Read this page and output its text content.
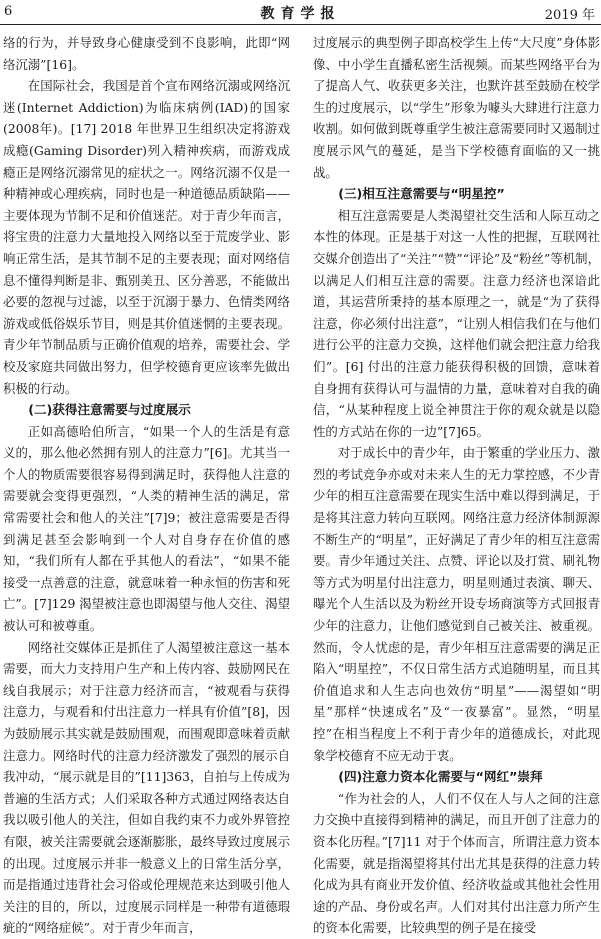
6	教育学报	2019 年

络的行为，并导致身心健康受到不良影响，此即“网络沉溺”[16]。

在国际社会，我国是首个宣布网络沉溺或网络沉迷(Internet Addiction)为临床病例(IAD)的国家(2008年)。[17] 2018 年世界卫生组织决定将游戏成瘾(Gaming Disorder)列入精神疾病，而游戏成瘾正是网络沉溺常见的症状之一。网络沉溺不仅是一种精神或心理疾病，同时也是一种道德品质缺陷——主要体现为节制不足和价值迷茫。对于青少年而言，将宝贵的注意力大量地投入网络以至于荒废学业、影响正常生活，是其节制不足的主要表现；面对网络信息不懂得判断是非、甄别美丑、区分善恶，不能做出必要的忽视与过滤，以至于沉溺于暴力、色情类网络游戏或低俗娱乐节目，则是其价值迷惘的主要表现。青少年节制品质与正确价值观的培养，需要社会、学校及家庭共同做出努力，但学校德育更应该率先做出积极的行动。

(二)获得注意需要与过度展示

正如高德哈伯所言，“如果一个人的生活是有意义的，那么他必然拥有别人的注意力”[6]。尤其当一个人的物质需要很容易得到满足时，获得他人注意的需要就会变得更强烈，“人类的精神生活的满足，常常需要社会和他人的关注”[7]9；被注意需要是否得到满足甚至会影响到一个人对自身存在价值的感知，“我们所有人都在乎其他人的看法”，“如果不能接受一点善意的注意，就意味着一种永恒的伤害和死亡”。[7]129 渴望被注意也即渴望与他人交往、渴望被认可和被尊重。

网络社交媒体正是抓住了人渴望被注意这一基本需要，而大力支持用户生产和上传内容、鼓励网民在线自我展示；对于注意力经济而言，“被观看与获得注意力，与观看和付出注意力一样具有价值”[8]，因为鼓励展示其实就是鼓励围观，而围观即意味着贡献注意力。网络时代的注意力经济激发了强烈的展示自我冲动，“展示就是目的”[11]363，自拍与上传成为普遍的生活方式；人们采取各种方式通过网络表达自我以吸引他人的关注，但如自我约束不力或外界管控有限，被关注需要就会逐渐膨胀，最终导致过度展示的出现。过度展示并非一般意义上的日常生活分享，而是指通过违背社会习俗或伦理规范来达到吸引他人关注的目的，所以，过度展示同样是一种带有道德瑕疵的“网络症候”。对于青少年而言，

过度展示的典型例子即高校学生上传“大尺度”身体影像、中小学生直播私密生活视频。而某些网络平台为了提高人气、收获更多关注，也默许甚至鼓励在校学生的过度展示，以“学生”形象为噱头大肆进行注意力收割。如何做到既尊重学生被注意需要同时又遏制过度展示风气的蔓延，是当下学校德育面临的又一挑战。

(三)相互注意需要与“明星控”

相互注意需要是人类渴望社交生活和人际互动之本性的体现。正是基于对这一人性的把握，互联网社交媒介创造出了“关注”“赞”“评论”及“粉丝”等机制，以满足人们相互注意的需要。注意力经济也深谙此道，其运营所秉持的基本原理之一，就是“为了获得注意，你必须付出注意”，“让别人相信我们在与他们进行公平的注意力交换，这样他们就会把注意力给我们”。[6] 付出的注意力能获得积极的回馈，意味着自身拥有获得认可与温情的力量，意味着对自我的确信，“从某种程度上说全神贯注于你的观众就是以隐性的方式站在你的一边”[7]65。

对于成长中的青少年，由于繁重的学业压力、激烈的考试竞争亦或对未来人生的无力掌控感，不少青少年的相互注意需要在现实生活中难以得到满足，于是将其注意力转向互联网。网络注意力经济体制源源不断生产的“明星”，正好满足了青少年的相互注意需要。青少年通过关注、点赞、评论以及打赏、刷礼物等方式为明星付出注意力，明星则通过表演、聊天、曝光个人生活以及为粉丝开设专场商演等方式回报青少年的注意力，让他们感觉到自己被关注、被重视。然而，令人忧虑的是，青少年相互注意需要的满足正陷入“明星控”，不仅日常生活方式追随明星，而且其价值追求和人生志向也效仿“明星”——渴望如“明星”那样“快速成名”及“一夜暴富”。显然，“明星控”在相当程度上不利于青少年的道德成长，对此现象学校德育不应无动于衷。

(四)注意力资本化需要与“网红”崇拜

“作为社会的人，人们不仅在人与人之间的注意力交换中直接得到精神的满足，而且开创了注意力的资本化历程。”[7]11 对于个体而言，所谓注意力资本化需要，就是指渴望将其付出尤其是获得的注意力转化成为具有商业开发价值、经济收益或其他社会性用途的产品、身份或名声。人们对其付出注意力所产生的资本化需要，比较典型的例子是在接受
